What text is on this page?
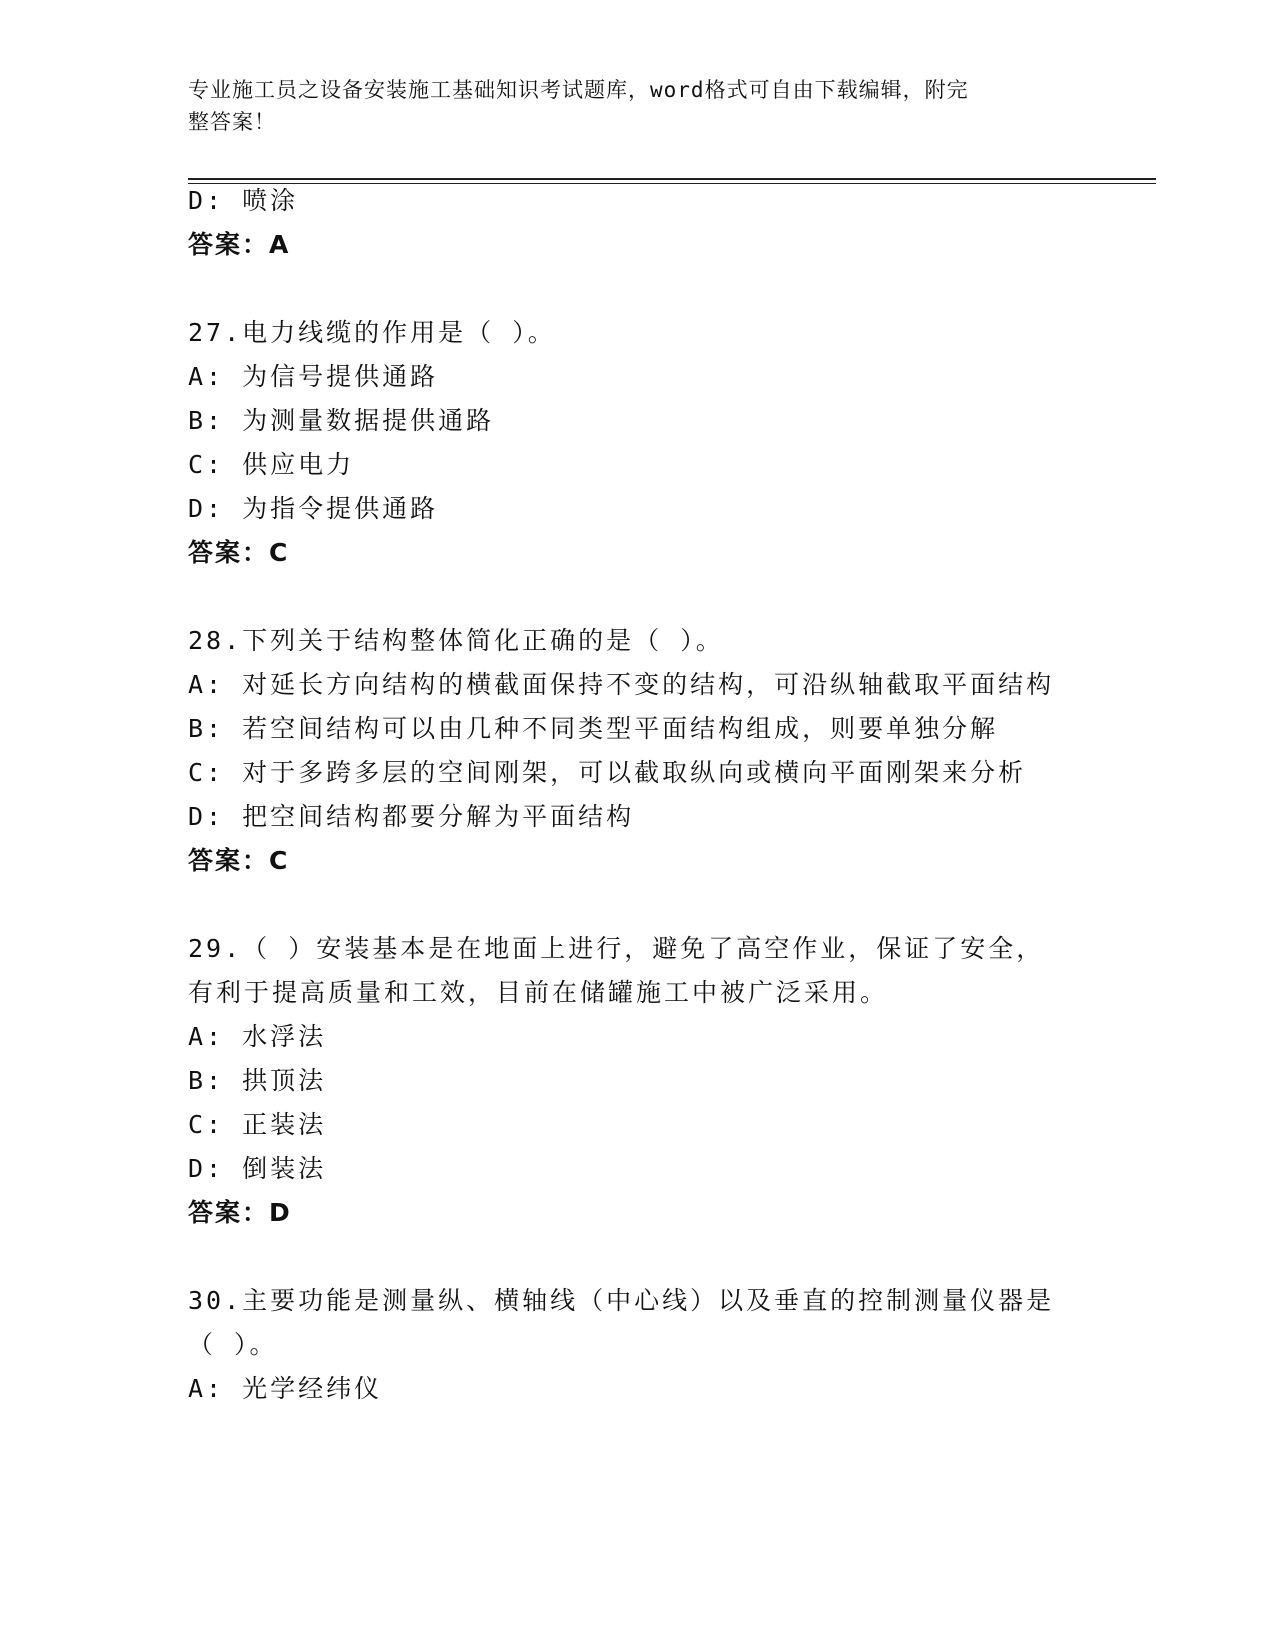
专业施工员之设备安装施工基础知识考试题库，word格式可自由下载编辑，附完
整答案！
D: 喷涂
答案：A
27.电力线缆的作用是（ ）。
A: 为信号提供通路
B: 为测量数据提供通路
C: 供应电力
D: 为指令提供通路
答案：C
28.下列关于结构整体简化正确的是（ ）。
A: 对延长方向结构的横截面保持不变的结构，可沿纵轴截取平面结构
B: 若空间结构可以由几种不同类型平面结构组成，则要单独分解
C: 对于多跨多层的空间刚架，可以截取纵向或横向平面刚架来分析
D: 把空间结构都要分解为平面结构
答案：C
29.（ ）安装基本是在地面上进行，避免了高空作业，保证了安全，
有利于提高质量和工效，目前在储罐施工中被广泛采用。
A: 水浮法
B: 拱顶法
C: 正装法
D: 倒装法
答案：D
30.主要功能是测量纵、横轴线（中心线）以及垂直的控制测量仪器是
（ ）。
A: 光学经纬仪
